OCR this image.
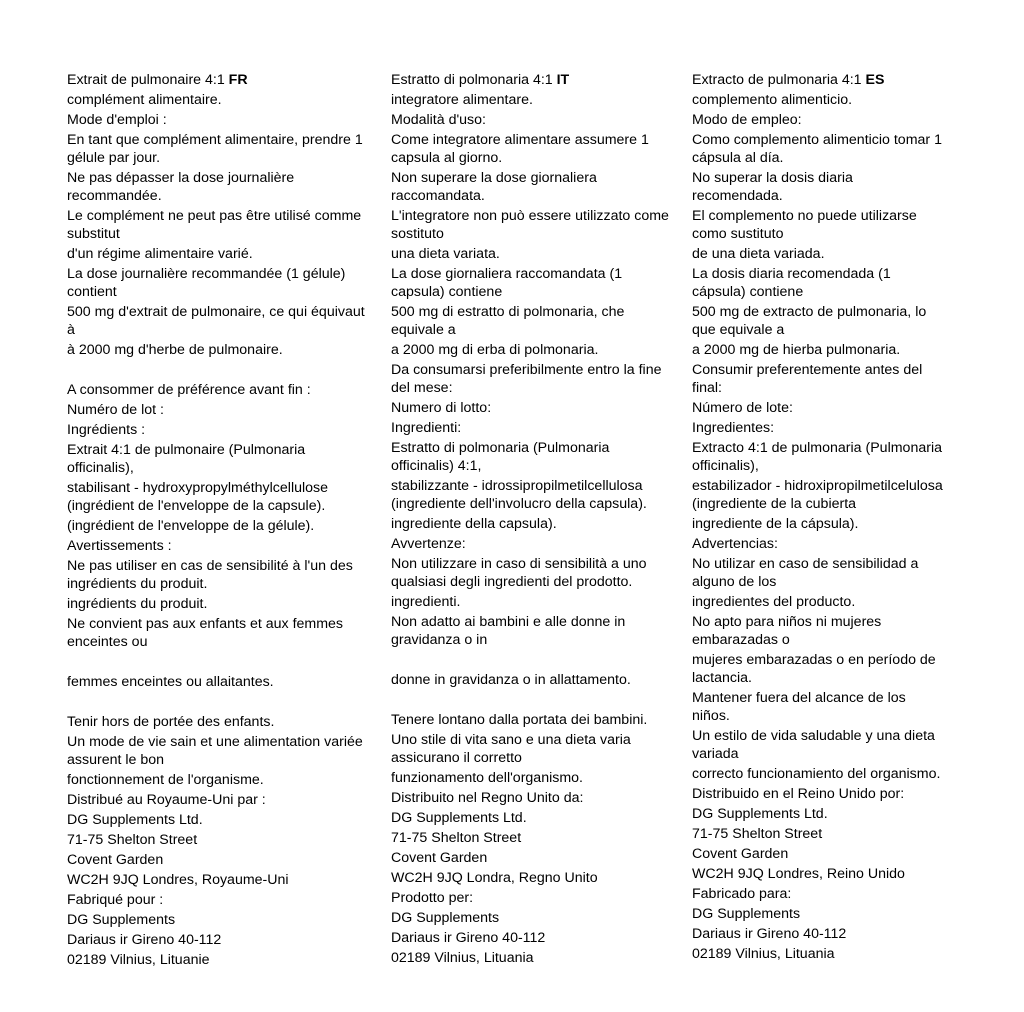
Extrait de pulmonaire 4:1 FR

complément alimentaire.

Mode d'emploi :

En tant que complément alimentaire, prendre 1

gélule par jour.

Ne pas dépasser la dose journalière

recommandée.

Le complément ne peut pas être utilisé comme

substitut

d'un régime alimentaire varié.

La dose journalière recommandée (1 gélule)

contient

500 mg d'extrait de pulmonaire, ce qui équivaut

à

à 2000 mg d'herbe de pulmonaire.

A consommer de préférence avant fin :

Numéro de lot :

Ingrédients :

Extrait 4:1 de pulmonaire (Pulmonaria

officinalis),

stabilisant - hydroxypropylméthylcellulose

(ingrédient de l'enveloppe de la capsule).

(ingrédient de l'enveloppe de la gélule).

Avertissements :

Ne pas utiliser en cas de sensibilité à l'un des

ingrédients du produit.

ingrédients du produit.

Ne convient pas aux enfants et aux femmes

enceintes ou

femmes enceintes ou allaitantes.

Tenir hors de portée des enfants.

Un mode de vie sain et une alimentation variée

assurent le bon

fonctionnement de l'organisme.

Distribué au Royaume-Uni par :

DG Supplements Ltd.

71-75 Shelton Street

Covent Garden

WC2H 9JQ Londres, Royaume-Uni

Fabriqué pour :

DG Supplements

Dariaus ir Gireno 40-112

02189 Vilnius, Lituanie

Estratto di polmonaria 4:1 IT

integratore alimentare.

Modalità d'uso:

Come integratore alimentare assumere 1

capsula al giorno.

Non superare la dose giornaliera

raccomandata.

L'integratore non può essere utilizzato come

sostituto

una dieta variata.

La dose giornaliera raccomandata (1

capsula) contiene

500 mg di estratto di polmonaria, che

equivale a

a 2000 mg di erba di polmonaria.

Da consumarsi preferibilmente entro la fine

del mese:

Numero di lotto:

Ingredienti:

Estratto di polmonaria (Pulmonaria

officinalis) 4:1,

stabilizzante - idrossipropilmetilcellulosa

(ingrediente dell'involucro della capsula).

ingrediente della capsula).

Avvertenze:

Non utilizzare in caso di sensibilità a uno

qualsiasi degli ingredienti del prodotto.

ingredienti.

Non adatto ai bambini e alle donne in

gravidanza o in

donne in gravidanza o in allattamento.

Tenere lontano dalla portata dei bambini.

Uno stile di vita sano e una dieta varia

assicurano il corretto

funzionamento dell'organismo.

Distribuito nel Regno Unito da:

DG Supplements Ltd.

71-75 Shelton Street

Covent Garden

WC2H 9JQ Londra, Regno Unito

Prodotto per:

DG Supplements

Dariaus ir Gireno 40-112

02189 Vilnius, Lituania

Extracto de pulmonaria 4:1 ES

complemento alimenticio.

Modo de empleo:

Como complemento alimenticio tomar 1

cápsula al día.

No superar la dosis diaria

recomendada.

El complemento no puede utilizarse

como sustituto

de una dieta variada.

La dosis diaria recomendada (1

cápsula) contiene

500 mg de extracto de pulmonaria, lo

que equivale a

a 2000 mg de hierba pulmonaria.

Consumir preferentemente antes del

final:

Número de lote:

Ingredientes:

Extracto 4:1 de pulmonaria (Pulmonaria

officinalis),

estabilizador - hidroxipropilmetilcelulosa

(ingrediente de la cubierta

ingrediente de la cápsula).

Advertencias:

No utilizar en caso de sensibilidad a

alguno de los

ingredientes del producto.

No apto para niños ni mujeres

embarazadas o

mujeres embarazadas o en período de

lactancia.

Mantener fuera del alcance de los

niños.

Un estilo de vida saludable y una dieta

variada

correcto funcionamiento del organismo.

Distribuido en el Reino Unido por:

DG Supplements Ltd.

71-75 Shelton Street

Covent Garden

WC2H 9JQ Londres, Reino Unido

Fabricado para:

DG Supplements

Dariaus ir Gireno 40-112

02189 Vilnius, Lituania
